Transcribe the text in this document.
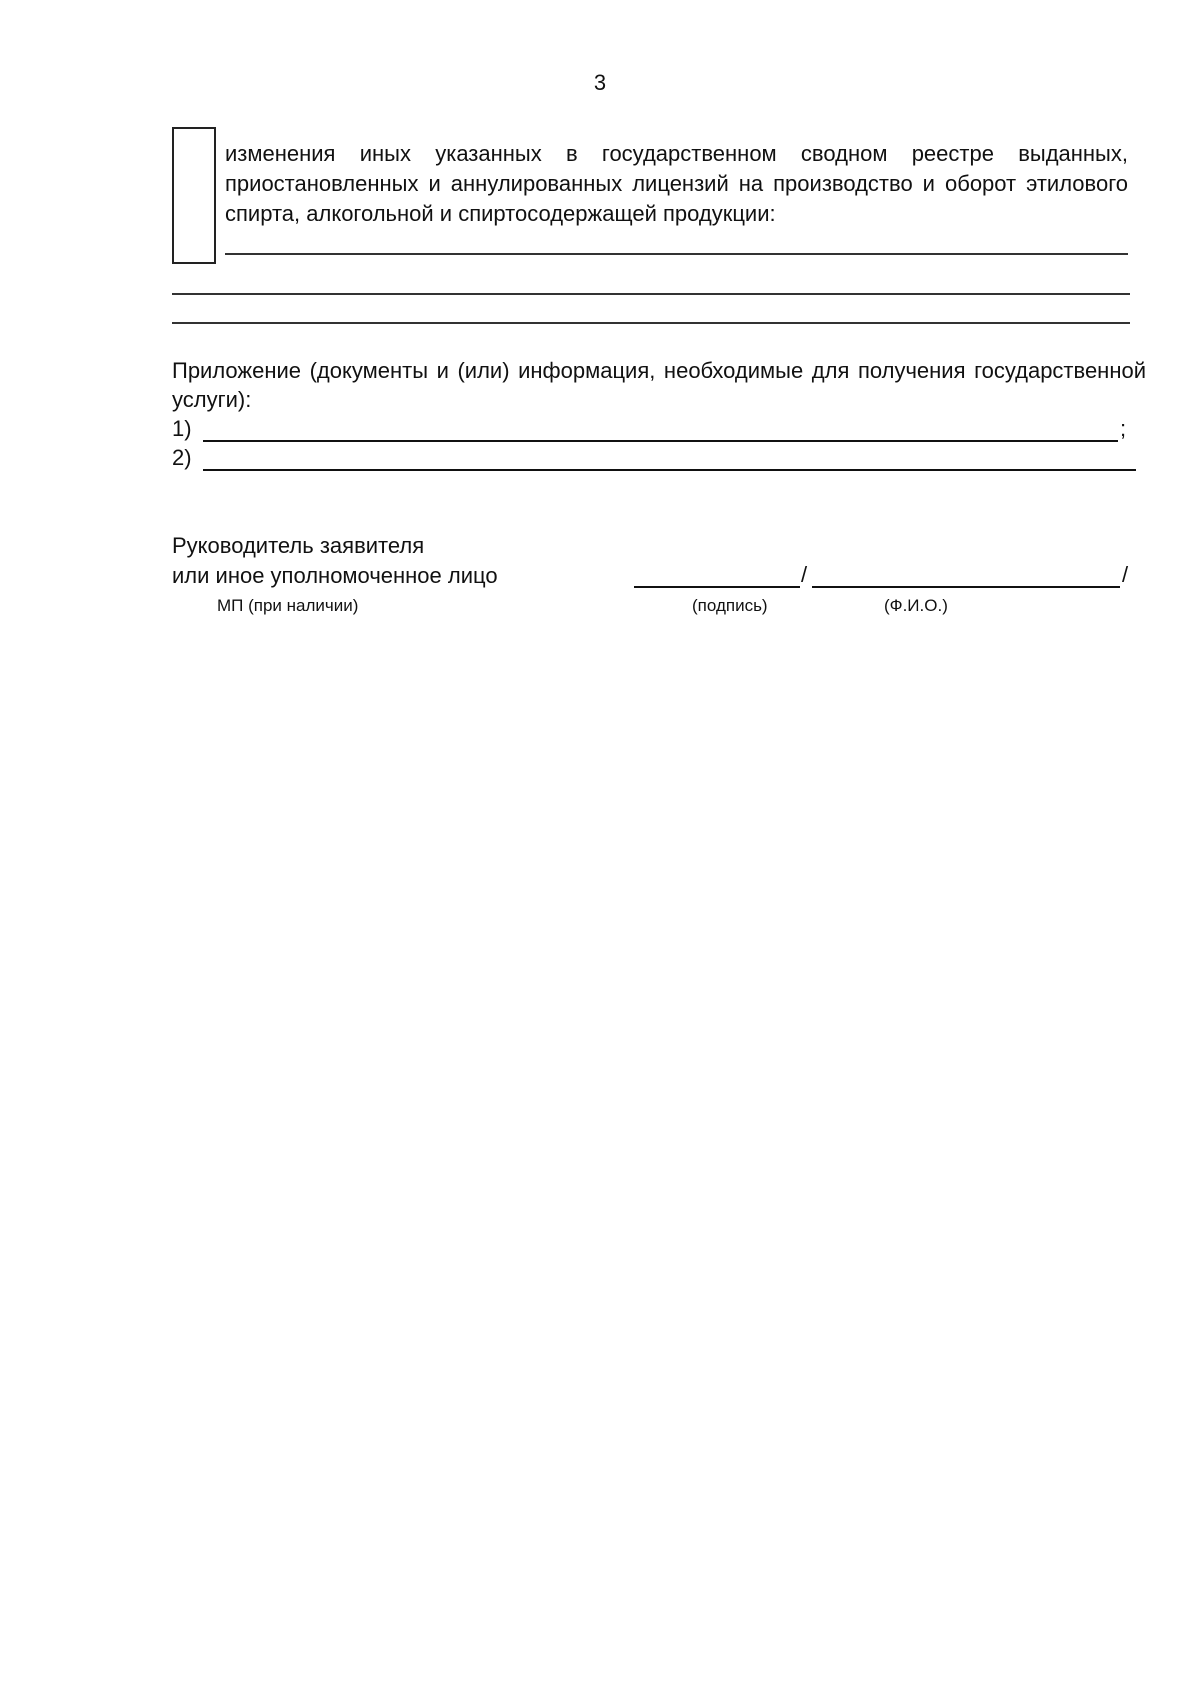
3
изменения иных указанных в государственном сводном реестре выданных, приостановленных и аннулированных лицензий на производство и оборот этилового спирта, алкогольной и спиртосодержащей продукции:
Приложение (документы и (или) информация, необходимые для получения государственной услуги):
1)	;
2)
Руководитель заявителя
или иное уполномоченное лицо	/	/
МП (при наличии)	(подпись)	(Ф.И.О.)
